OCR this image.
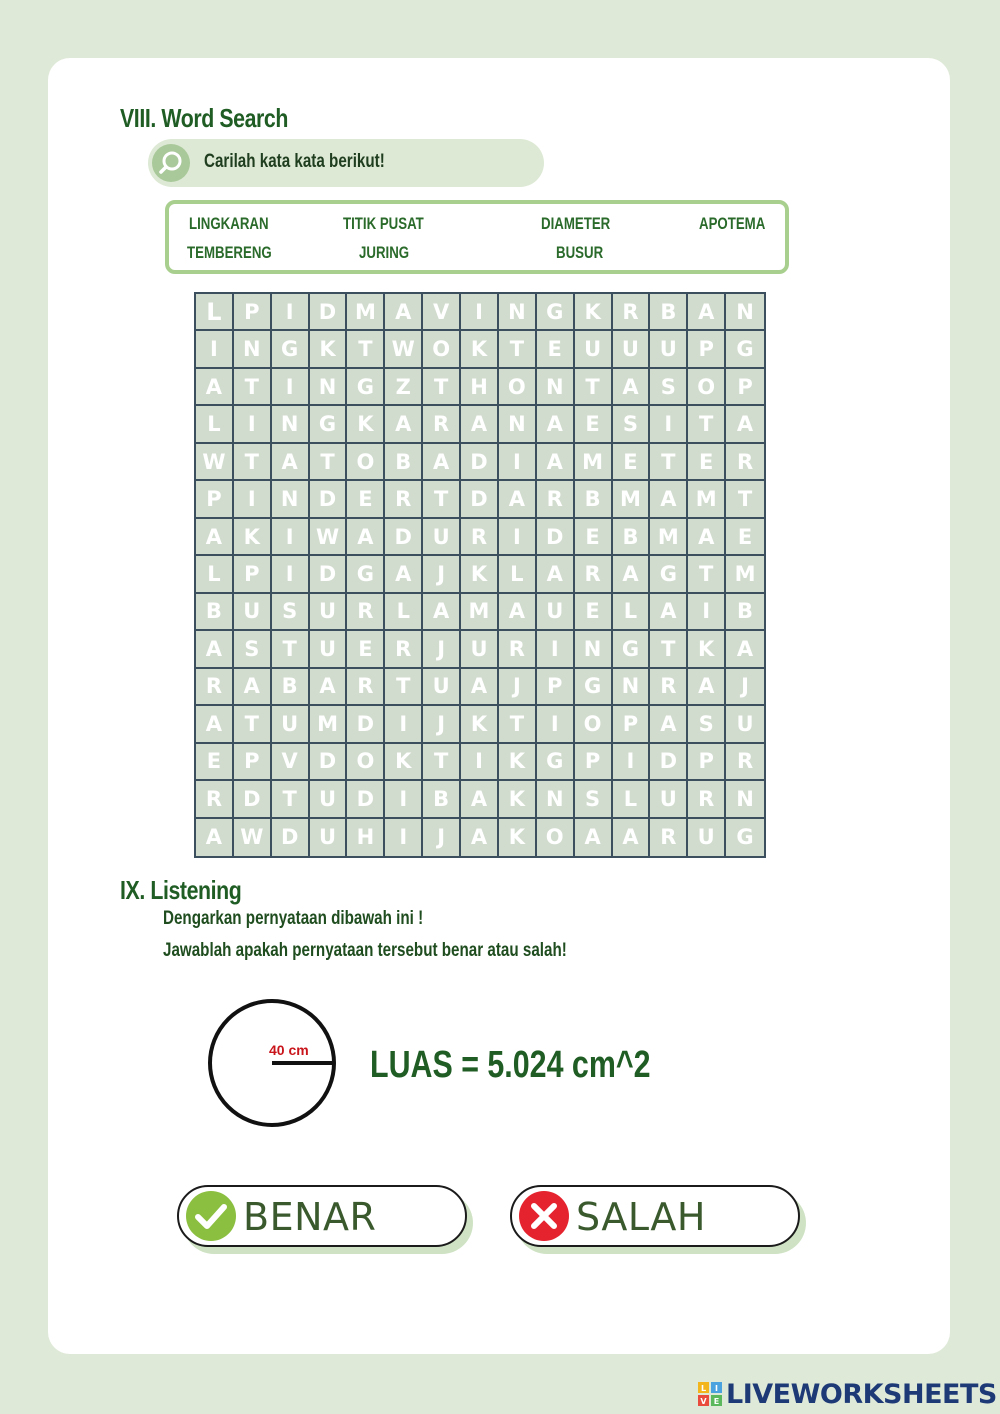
VIII. Word Search
Carilah kata kata berikut!
LINGKARAN	TITIK PUSAT	DIAMETER	APOTEMA
TEMBERENG	JURING	BUSUR
L	P	I	D M A	V	I	N G	K	R	B	A	N
I	N G	K	T W O K	T	E	U U U	P	G
A	T	I	N G	Z	T	H O N	T	A	S	O	P
L	I	N G	K	A	R	A N A	E	S	I	T	A
W T	A	T	O B	A	D	I	A M E	T	E	R
P	I	N D	E	R	T	D	A	R	B M A M	T
A	K	I	W A	D U	R	I	D	E	B M A	E
L	P	I	D G	A	J	K	L	A	R	A	G	T	M
B	U	S	U	R	L	A M A	U	E	L	A	I	B
A	S	T	U	E	R	J	U	R	I	N G	T	K	A
R	A	B	A	R	T	U	A	J	P	G N R	A	J
A	T	U M D	I	J	K	T	I	O	P	A	S	U
E	P	V	D O K	T	I	K	G	P	I	D	P	R
R	D	T	U D	I	B	A	K N	S	L	U	R	N
A W D U H	I	J	A	K O A	A	R	U	G
IX. Listening
Dengarkan pernyataan dibawah ini !
Jawablah apakah pernyataan tersebut benar atau salah!
40 cm LUAS = 5.024 cm^2
BENAR	SALAH
L I
V E LIVEWORKSHEETS
